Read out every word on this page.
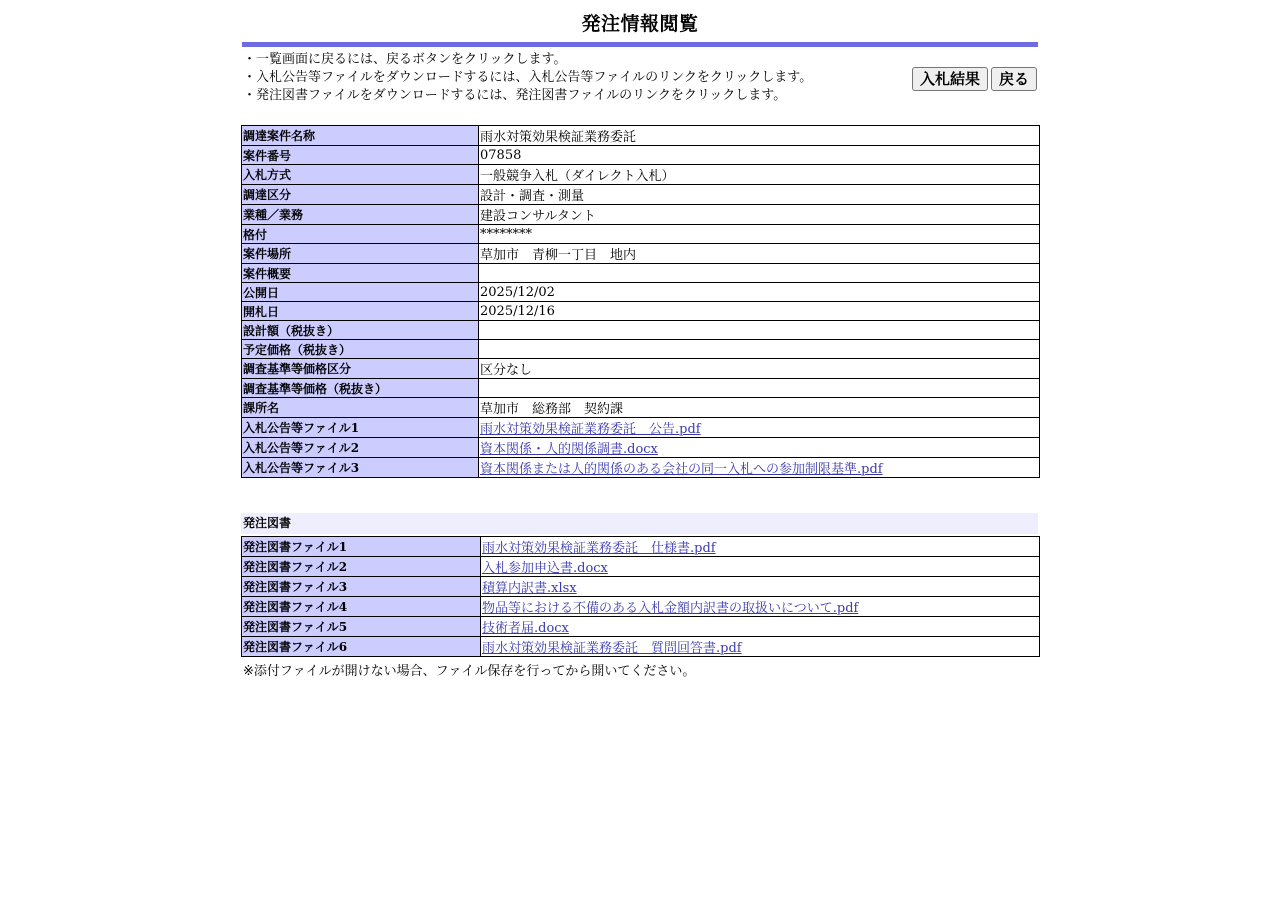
発注情報閲覧
・一覧画面に戻るには、戻るボタンをクリックします。
・入札公告等ファイルをダウンロードするには、入札公告等ファイルのリンクをクリックします。
・発注図書ファイルをダウンロードするには、発注図書ファイルのリンクをクリックします。
入札結果	戻る
調達案件名称	雨水対策効果検証業務委託
案件番号	07858
入札方式	一般競争入札（ダイレクト入札）
調達区分	設計・調査・測量
業種／業務	建設コンサルタント
格付	********
案件場所	草加市　青柳一丁目　地内
案件概要	
公開日	2025/12/02
開札日	2025/12/16
設計額（税抜き）	
予定価格（税抜き）	
調査基準等価格区分	区分なし
調査基準等価格（税抜き）	
課所名	草加市　総務部　契約課
入札公告等ファイル1	雨水対策効果検証業務委託　公告.pdf
入札公告等ファイル2	資本関係・人的関係調書.docx
入札公告等ファイル3	資本関係または人的関係のある会社の同一入札への参加制限基準.pdf
発注図書
発注図書ファイル1	雨水対策効果検証業務委託　仕様書.pdf
発注図書ファイル2	入札参加申込書.docx
発注図書ファイル3	積算内訳書.xlsx
発注図書ファイル4	物品等における不備のある入札金額内訳書の取扱いについて.pdf
発注図書ファイル5	技術者届.docx
発注図書ファイル6	雨水対策効果検証業務委託　質問回答書.pdf
※添付ファイルが開けない場合、ファイル保存を行ってから開いてください。
